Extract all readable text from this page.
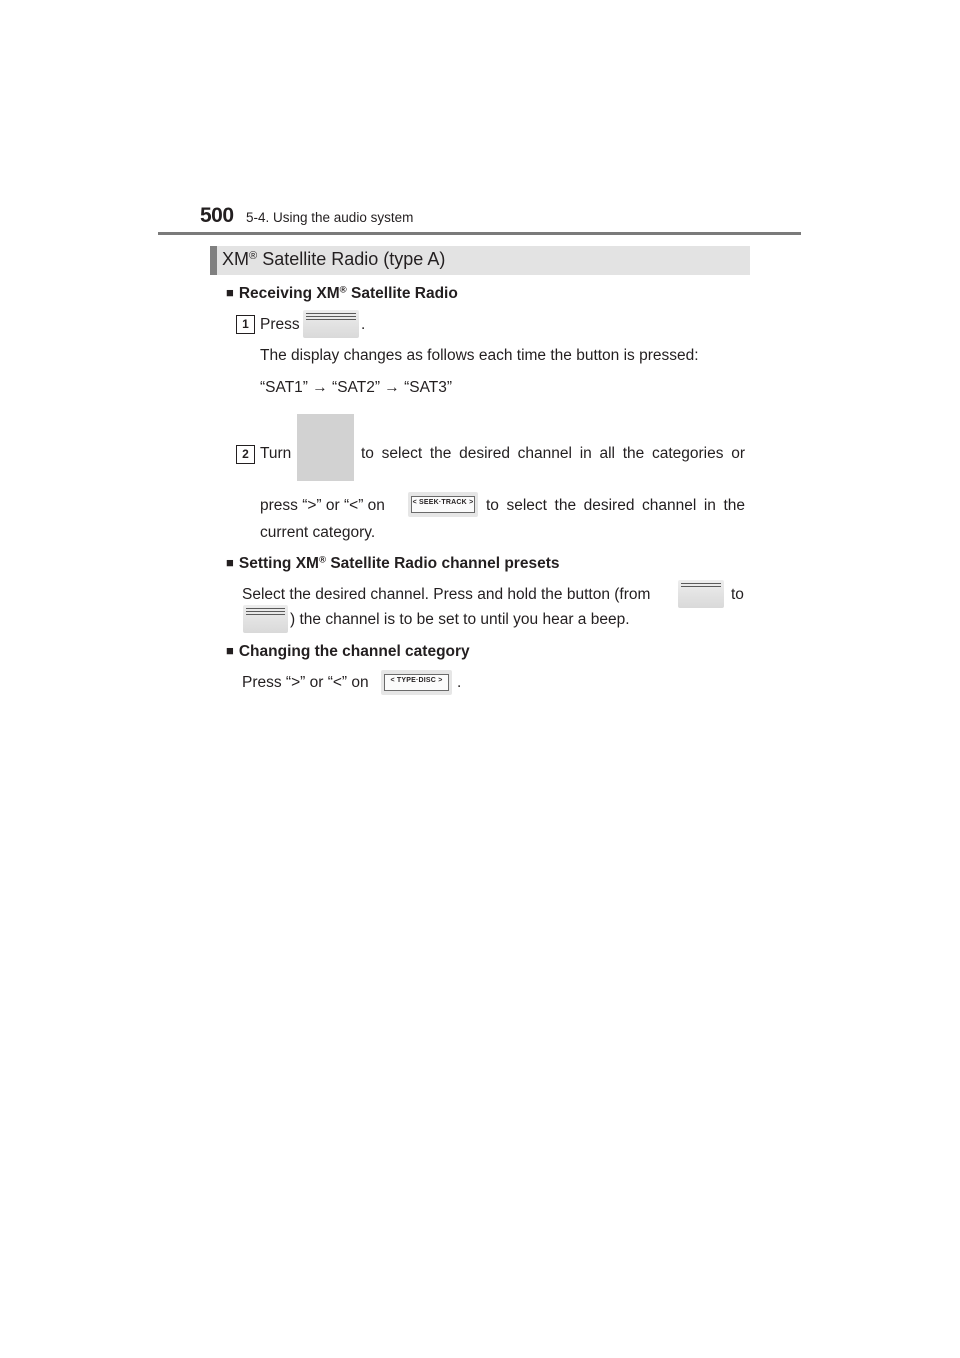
500 5-4. Using the audio system
XM® Satellite Radio (type A)
■ Receiving XM® Satellite Radio
1 Press	.
The display changes as follows each time the button is pressed:
“SAT1” → “SAT2” → “SAT3”
2 Turn	to select the desired channel in all the categories or
press “>” or “<” on	< SEEK·TRACK > to select the desired channel in the
current category.
■ Setting XM® Satellite Radio channel presets
Select the desired channel. Press and hold the button (from	to
) the channel is to be set to until you hear a beep.
■ Changing the channel category
Press “>” or “<” on	< TYPE·DISC > .
